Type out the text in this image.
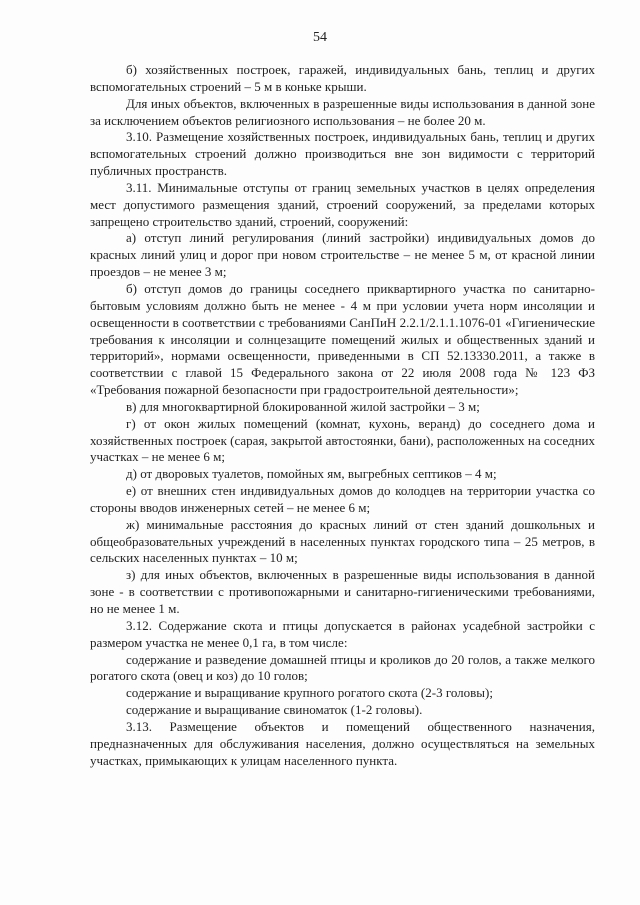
54

б) хозяйственных построек, гаражей, индивидуальных бань, теплиц и других вспомогательных строений – 5 м в коньке крыши.

Для иных объектов, включенных в разрешенные виды использования в данной зоне за исключением объектов религиозного использования – не более 20 м.

3.10. Размещение хозяйственных построек, индивидуальных бань, теплиц и других вспомогательных строений должно производиться вне зон видимости с территорий публичных пространств.

3.11. Минимальные отступы от границ земельных участков в целях определения мест допустимого размещения зданий, строений сооружений, за пределами которых запрещено строительство зданий, строений, сооружений:

а) отступ линий регулирования (линий застройки) индивидуальных домов до красных линий улиц и дорог при новом строительстве – не менее 5 м, от красной линии проездов – не менее 3 м;

б) отступ домов до границы соседнего приквартирного участка по санитарно-бытовым условиям должно быть не менее - 4 м при условии учета норм инсоляции и освещенности в соответствии с требованиями СанПиН 2.2.1/2.1.1.1076-01 «Гигиенические требования к инсоляции и солнцезащите помещений жилых и общественных зданий и территорий», нормами освещенности, приведенными в СП 52.13330.2011, а также в соответствии с главой 15 Федерального закона от 22 июля 2008 года № 123 ФЗ «Требования пожарной безопасности при градостроительной деятельности»;

в) для многоквартирной блокированной жилой застройки – 3 м;

г) от окон жилых помещений (комнат, кухонь, веранд) до соседнего дома и хозяйственных построек (сарая, закрытой автостоянки, бани), расположенных на соседних участках – не менее 6 м;

д) от дворовых туалетов, помойных ям, выгребных септиков – 4 м;

е) от внешних стен индивидуальных домов до колодцев на территории участка со стороны вводов инженерных сетей – не менее 6 м;

ж) минимальные расстояния до красных линий от стен зданий дошкольных и общеобразовательных учреждений в населенных пунктах городского типа – 25 метров, в сельских населенных пунктах – 10 м;

з) для иных объектов, включенных в разрешенные виды использования в данной зоне - в соответствии с противопожарными и санитарно-гигиеническими требованиями, но не менее 1 м.

3.12. Содержание скота и птицы допускается в районах усадебной застройки с размером участка не менее 0,1 га, в том числе:

содержание и разведение домашней птицы и кроликов до 20 голов, а также мелкого рогатого скота (овец и коз) до 10 голов;

содержание и выращивание крупного рогатого скота (2-3 головы);

содержание и выращивание свиноматок (1-2 головы).

3.13. Размещение объектов и помещений общественного назначения, предназначенных для обслуживания населения, должно осуществляться на земельных участках, примыкающих к улицам населенного пункта.
